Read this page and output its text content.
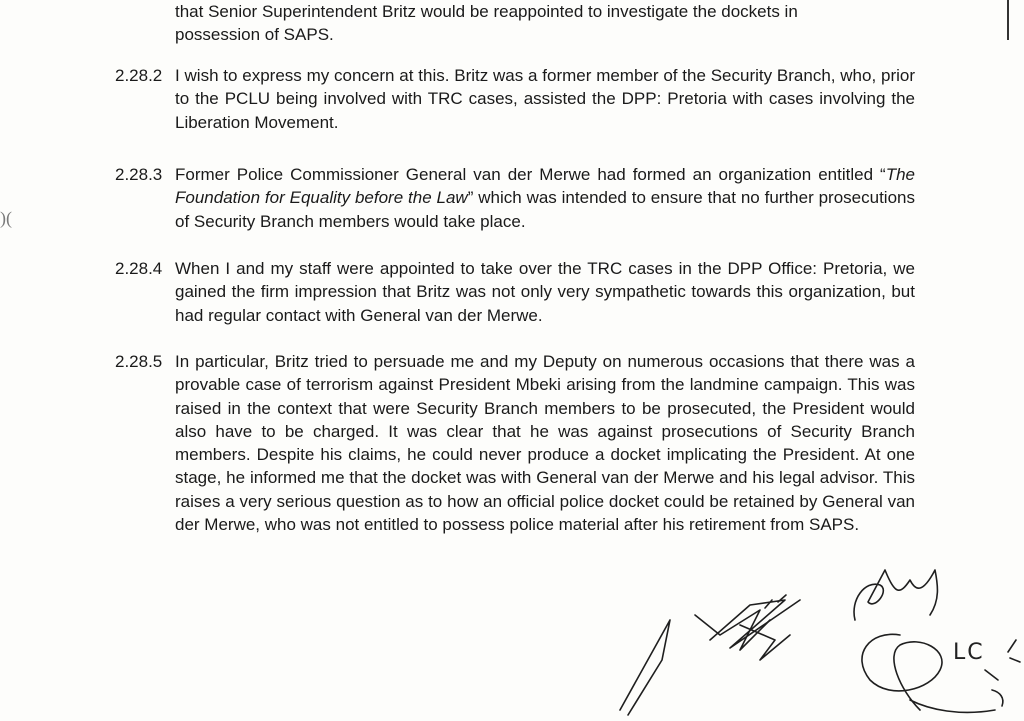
that Senior Superintendent Britz would be reappointed to investigate the dockets in
possession of SAPS.
2.28.2 I wish to express my concern at this. Britz was a former member of the Security Branch, who, prior to the PCLU being involved with TRC cases, assisted the DPP: Pretoria with cases involving the Liberation Movement.
2.28.3 Former Police Commissioner General van der Merwe had formed an organization entitled “The Foundation for Equality before the Law” which was intended to ensure that no further prosecutions of Security Branch members would take place.
2.28.4 When I and my staff were appointed to take over the TRC cases in the DPP Office: Pretoria, we gained the firm impression that Britz was not only very sympathetic towards this organization, but had regular contact with General van der Merwe.
2.28.5 In particular, Britz tried to persuade me and my Deputy on numerous occasions that there was a provable case of terrorism against President Mbeki arising from the landmine campaign. This was raised in the context that were Security Branch members to be prosecuted, the President would also have to be charged. It was clear that he was against prosecutions of Security Branch members. Despite his claims, he could never produce a docket implicating the President. At one stage, he informed me that the docket was with General van der Merwe and his legal advisor. This raises a very serious question as to how an official police docket could be retained by General van der Merwe, who was not entitled to possess police material after his retirement from SAPS.
)(
LC
